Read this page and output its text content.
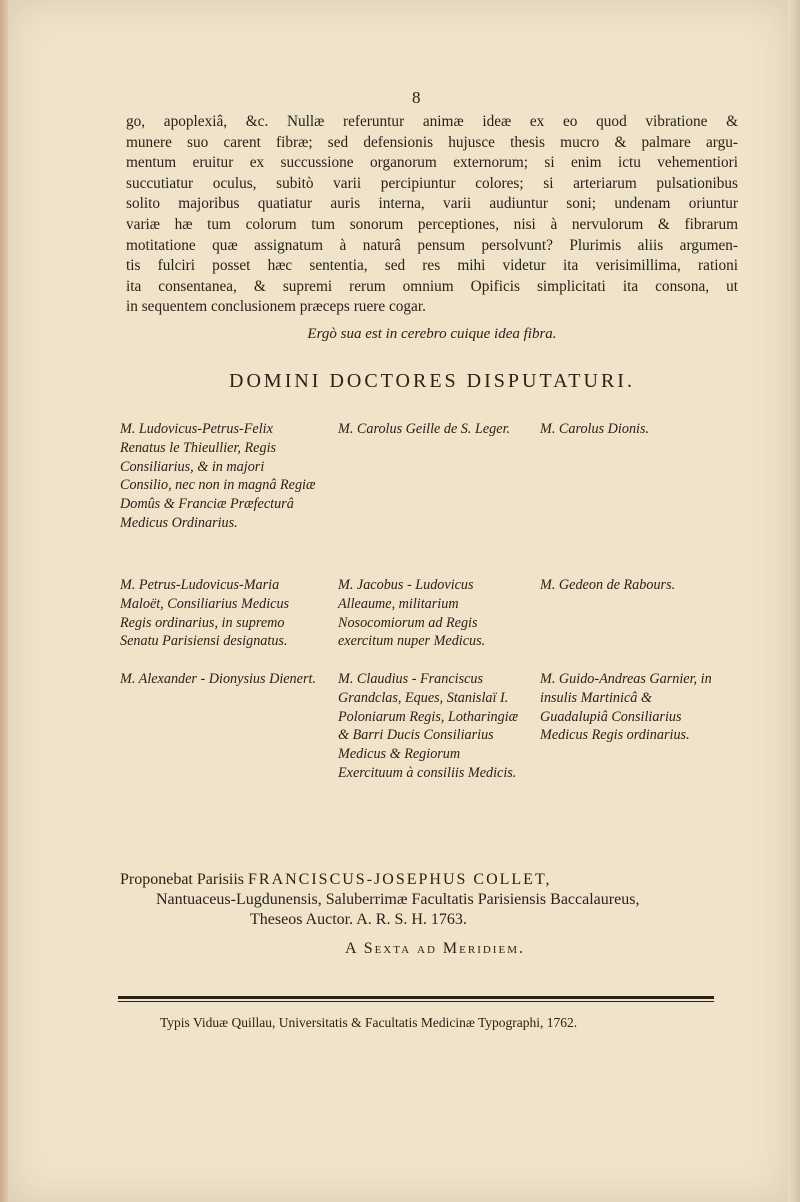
8
go, apoplexiâ, &c. Nullæ referuntur animæ ideæ ex eo quod vibratione &
munere suo carent fibræ; sed defensionis hujusce thesis mucro & palmare argu-
mentum eruitur ex succussione organorum externorum; si enim ictu vehementiori
succutiatur oculus, subitò varii percipiuntur colores; si arteriarum pulsationibus
solito majoribus quatiatur auris interna, varii audiuntur soni; undenam oriuntur
variæ hæ tum colorum tum sonorum perceptiones, nisi à nervulorum & fibrarum
motitatione quæ assignatum à naturâ pensum persolvunt? Plurimis aliis argumen-
tis fulciri posset hæc sententia, sed res mihi videtur ita verisimillima, rationi
ita consentanea, & supremi rerum omnium Opificis simplicitati ita consona, ut
in sequentem conclusionem præceps ruere cogar.
Ergò sua est in cerebro cuique idea fibra.
DOMINI DOCTORES DISPUTATURI.

M. Ludovicus-Petrus-Felix Renatus le Thieullier, Regis Consiliarius, & in majori Consilio, nec non in magnâ Regiæ Domûs & Franciæ Præfecturâ Medicus Ordinarius.

M. Petrus-Ludovicus-Maria Maloët, Consiliarius Medicus Regis ordinarius, in supremo Senatu Parisiensi designatus.

M. Alexander - Dionysius Dienert.

M. Carolus Geille de S. Leger.

M. Jacobus - Ludovicus Alleaume, militarium Nosocomiorum ad Regis exercitum nuper Medicus.

M. Claudius - Franciscus Grandclas, Eques, Stanislaï I. Poloniarum Regis, Lotharingiæ & Barri Ducis Consiliarius Medicus & Regiorum Exercituum à consiliis Medicis.

M. Carolus Dionis.

M. Gedeon de Rabours.

M. Guido-Andreas Garnier, in insulis Martinicâ & Guadalupiâ Consiliarius Medicus Regis ordinarius.

Proponebat Parisiis FRANCISCUS-JOSEPHUS COLLET,
Nantuaceus-Lugdunensis, Saluberrimæ Facultatis Parisiensis Baccalaureus,
Theseos Auctor. A. R. S. H. 1763.
A Sexta ad Meridiem.
Typis Viduæ Quillau, Universitatis & Facultatis Medicinæ Typographi, 1762.
